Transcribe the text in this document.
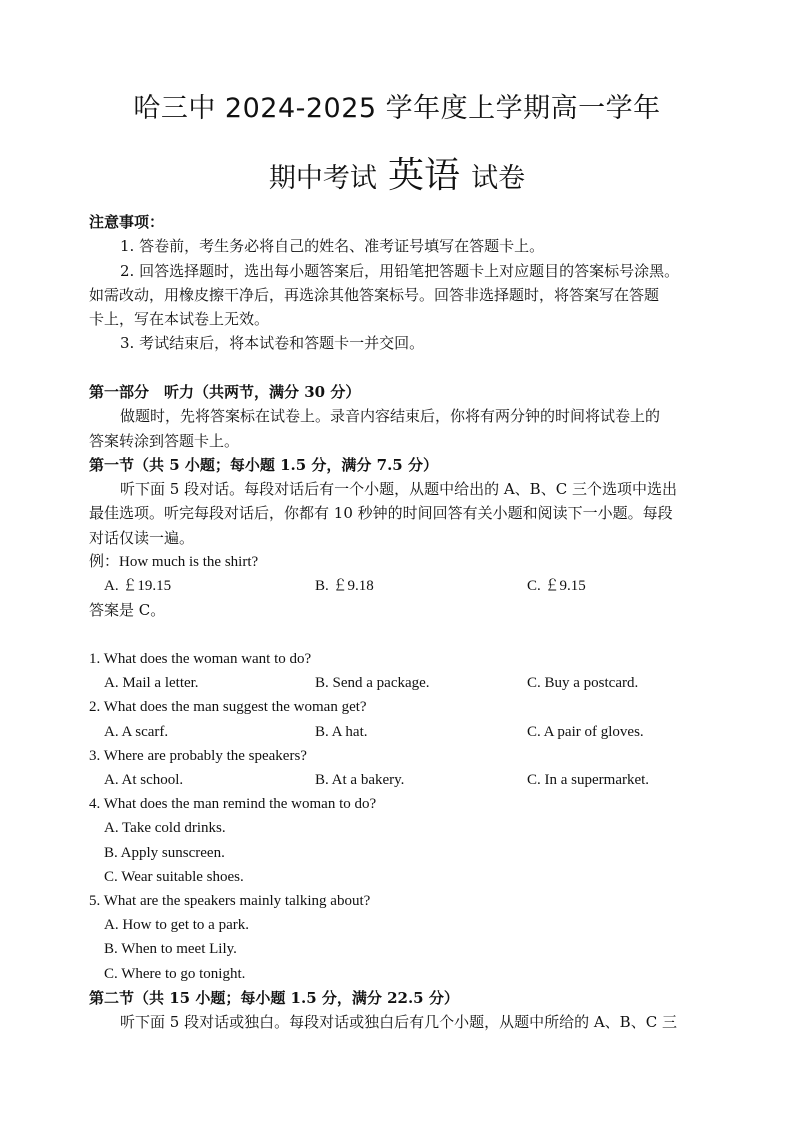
哈三中 2024-2025 学年度上学期高一学年
期中考试 英语 试卷
注意事项：
1. 答卷前，考生务必将自己的姓名、准考证号填写在答题卡上。
2. 回答选择题时，选出每小题答案后，用铅笔把答题卡上对应题目的答案标号涂黑。
如需改动，用橡皮擦干净后，再选涂其他答案标号。回答非选择题时，将答案写在答题
卡上，写在本试卷上无效。
3. 考试结束后，将本试卷和答题卡一并交回。
第一部分　听力（共两节，满分 30 分）
做题时，先将答案标在试卷上。录音内容结束后，你将有两分钟的时间将试卷上的
答案转涂到答题卡上。
第一节（共 5 小题；每小题 1.5 分，满分 7.5 分）
听下面 5 段对话。每段对话后有一个小题，从题中给出的 A、B、C 三个选项中选出
最佳选项。听完每段对话后，你都有 10 秒钟的时间回答有关小题和阅读下一小题。每段
对话仅读一遍。
例：How much is the shirt?
A. ￡19.15	B. ￡9.18	C. ￡9.15
答案是 C。
1. What does the woman want to do?
A. Mail a letter.	B. Send a package.	C. Buy a postcard.
2. What does the man suggest the woman get?
A. A scarf.	B. A hat.	C. A pair of gloves.
3. Where are probably the speakers?
A. At school.	B. At a bakery.	C. In a supermarket.
4. What does the man remind the woman to do?
A. Take cold drinks.
B. Apply sunscreen.
C. Wear suitable shoes.
5. What are the speakers mainly talking about?
A. How to get to a park.
B. When to meet Lily.
C. Where to go tonight.
第二节（共 15 小题；每小题 1.5 分，满分 22.5 分）
听下面 5 段对话或独白。每段对话或独白后有几个小题，从题中所给的 A、B、C 三
